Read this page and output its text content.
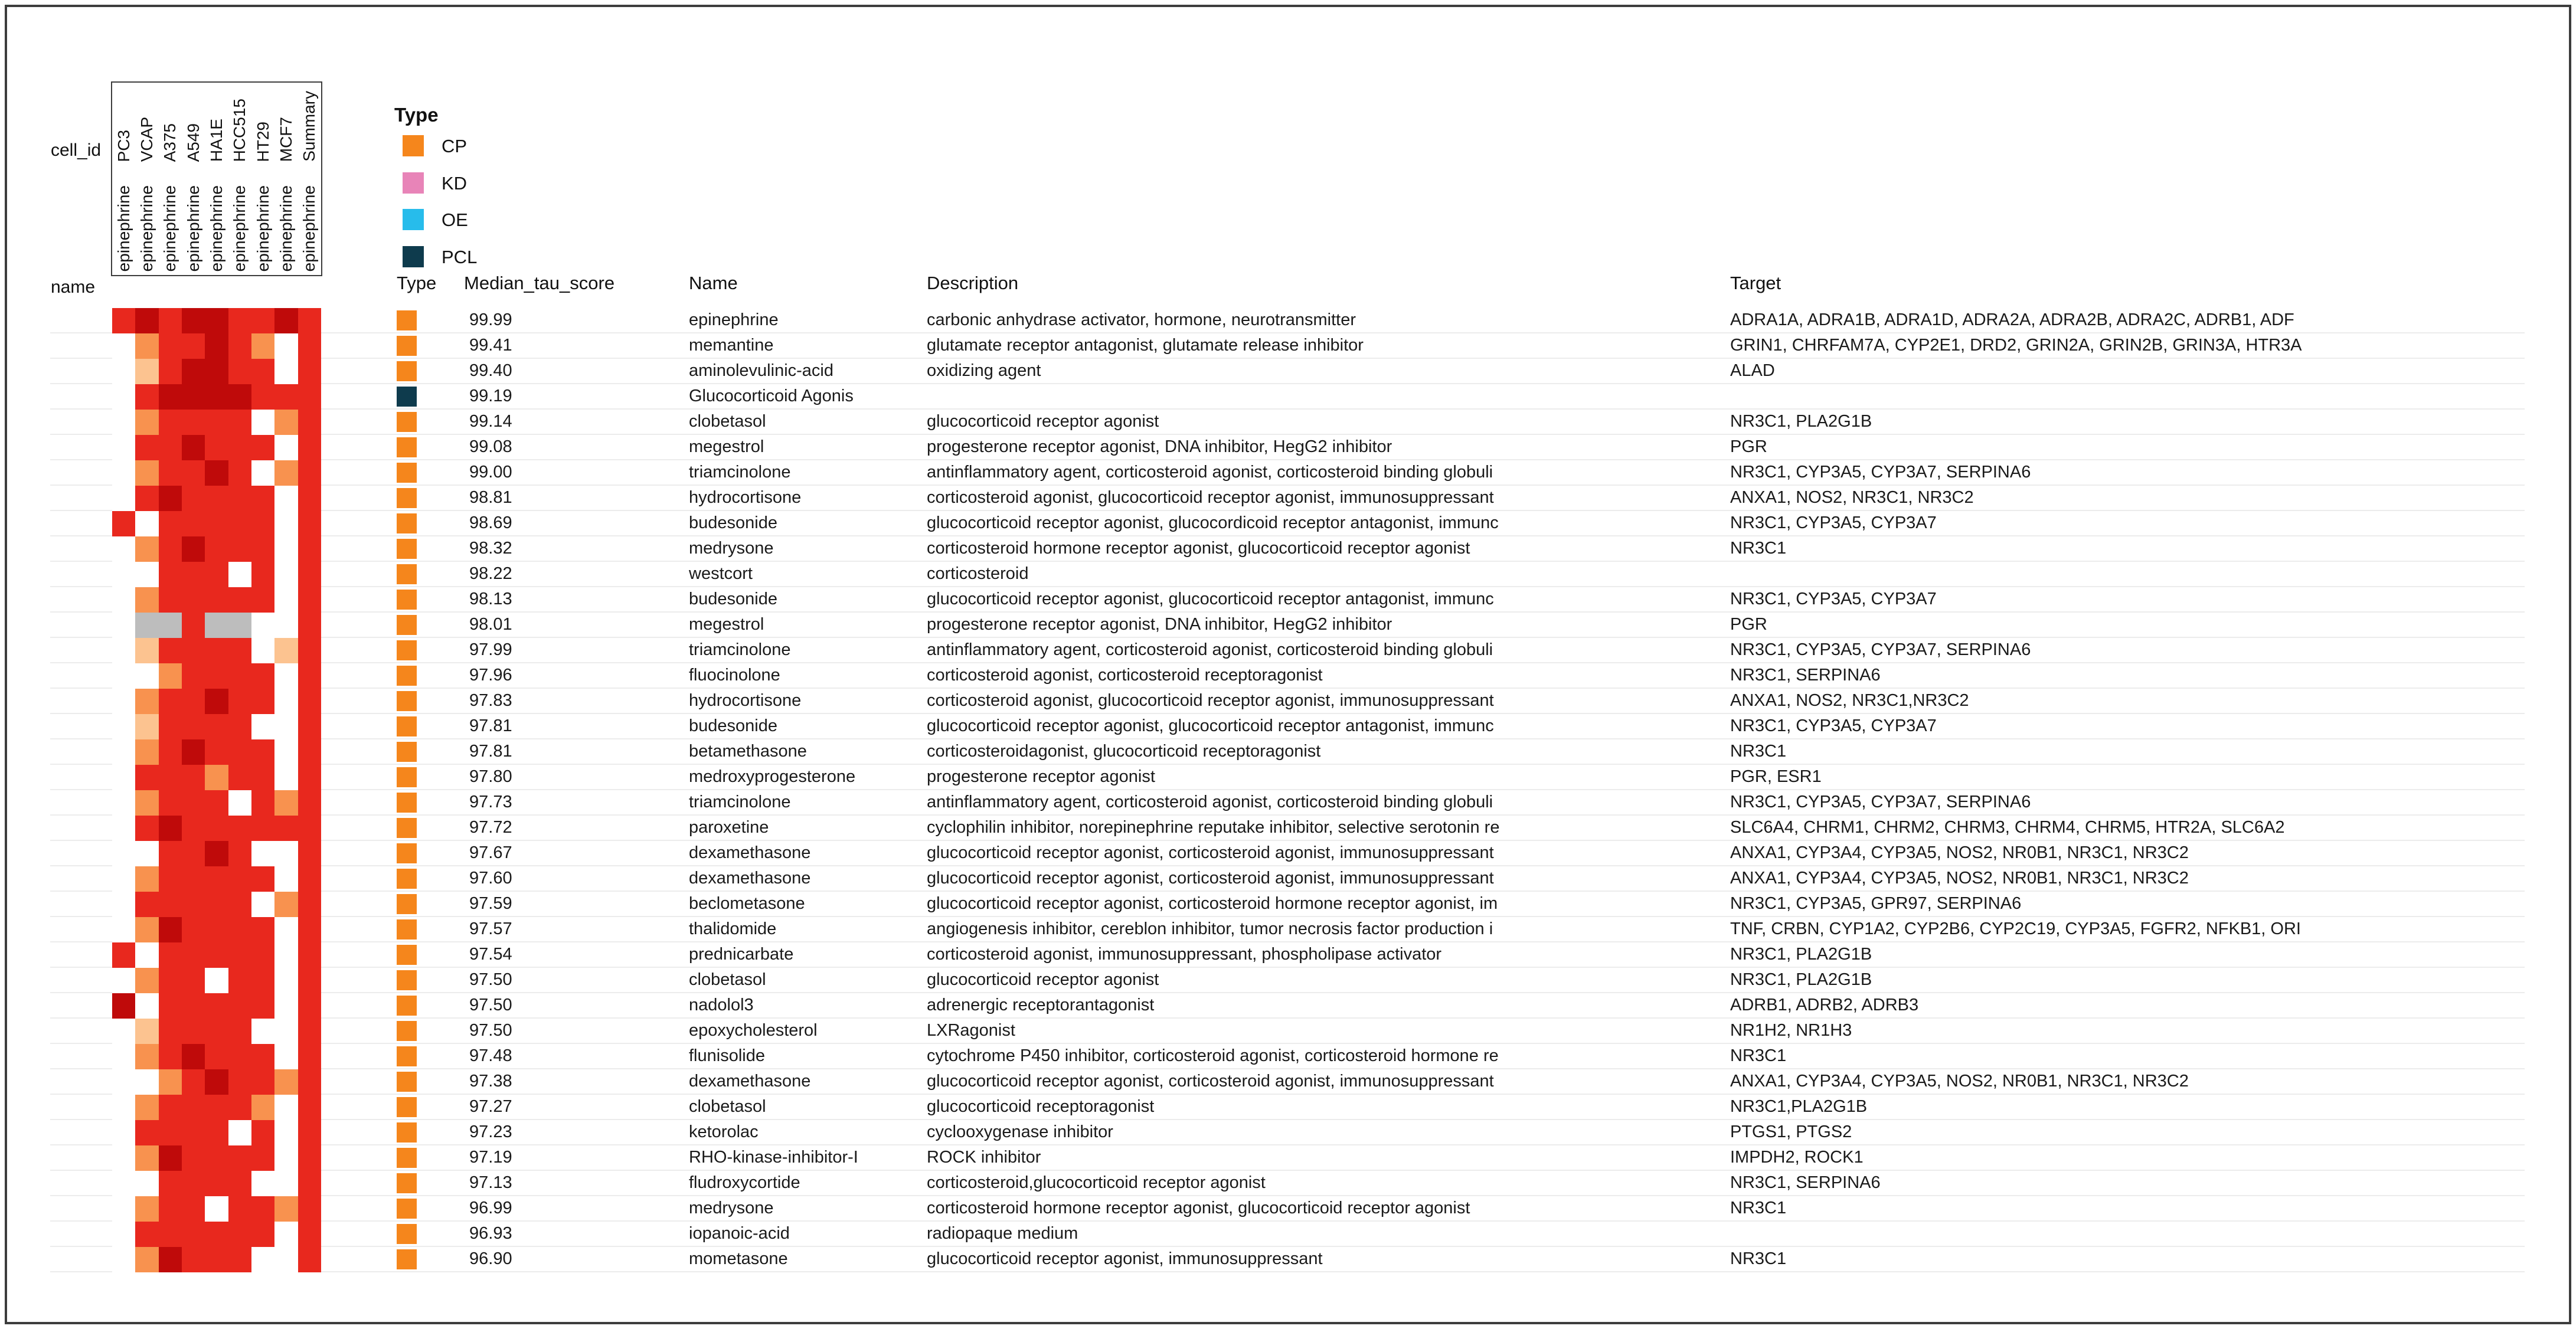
cell_id
name
PC3 VCAP A375 A549 HA1E HCC515 HT29 MCF7 Summary
epinephrine epinephrine epinephrine epinephrine epinephrine epinephrine epinephrine epinephrine epinephrine
Type
CP
KD
OE
PCL
Type Median_tau_score	Name	Description	Target
99.99	epinephrine	carbonic anhydrase activator, hormone, neurotransmitter	ADRA1A, ADRA1B, ADRA1D, ADRA2A, ADRA2B, ADRA2C, ADRB1, ADF
99.41	memantine	glutamate receptor antagonist, glutamate release inhibitor	GRIN1, CHRFAM7A, CYP2E1, DRD2, GRIN2A, GRIN2B, GRIN3A, HTR3A
99.40	aminolevulinic-acid	oxidizing agent	ALAD
99.19	Glucocorticoid Agonis
99.14	clobetasol	glucocorticoid receptor agonist	NR3C1, PLA2G1B
99.08	megestrol	progesterone receptor agonist, DNA inhibitor, HegG2 inhibitor	PGR
99.00	triamcinolone	antinflammatory agent, corticosteroid agonist, corticosteroid binding globuli	NR3C1, CYP3A5, CYP3A7, SERPINA6
98.81	hydrocortisone	corticosteroid agonist, glucocorticoid receptor agonist, immunosuppressant	ANXA1, NOS2, NR3C1, NR3C2
98.69	budesonide	glucocorticoid receptor agonist, glucocordicoid receptor antagonist, immunc	NR3C1, CYP3A5, CYP3A7
98.32	medrysone	corticosteroid hormone receptor agonist, glucocorticoid receptor agonist	NR3C1
98.22	westcort	corticosteroid
98.13	budesonide	glucocorticoid receptor agonist, glucocorticoid receptor antagonist, immunc	NR3C1, CYP3A5, CYP3A7
98.01	megestrol	progesterone receptor agonist, DNA inhibitor, HegG2 inhibitor	PGR
97.99	triamcinolone	antinflammatory agent, corticosteroid agonist, corticosteroid binding globuli	NR3C1, CYP3A5, CYP3A7, SERPINA6
97.96	fluocinolone	corticosteroid agonist, corticosteroid receptoragonist	NR3C1, SERPINA6
97.83	hydrocortisone	corticosteroid agonist, glucocorticoid receptor agonist, immunosuppressant	ANXA1, NOS2, NR3C1,NR3C2
97.81	budesonide	glucocorticoid receptor agonist, glucocorticoid receptor antagonist, immunc	NR3C1, CYP3A5, CYP3A7
97.81	betamethasone	corticosteroidagonist, glucocorticoid receptoragonist	NR3C1
97.80	medroxyprogesterone	progesterone receptor agonist	PGR, ESR1
97.73	triamcinolone	antinflammatory agent, corticosteroid agonist, corticosteroid binding globuli	NR3C1, CYP3A5, CYP3A7, SERPINA6
97.72	paroxetine	cyclophilin inhibitor, norepinephrine reputake inhibitor, selective serotonin re	SLC6A4, CHRM1, CHRM2, CHRM3, CHRM4, CHRM5, HTR2A, SLC6A2
97.67	dexamethasone	glucocorticoid receptor agonist, corticosteroid agonist, immunosuppressant	ANXA1, CYP3A4, CYP3A5, NOS2, NR0B1, NR3C1, NR3C2
97.60	dexamethasone	glucocorticoid receptor agonist, corticosteroid agonist, immunosuppressant	ANXA1, CYP3A4, CYP3A5, NOS2, NR0B1, NR3C1, NR3C2
97.59	beclometasone	glucocorticoid receptor agonist, corticosteroid hormone receptor agonist, im	NR3C1, CYP3A5, GPR97, SERPINA6
97.57	thalidomide	angiogenesis inhibitor, cereblon inhibitor, tumor necrosis factor production i	TNF, CRBN, CYP1A2, CYP2B6, CYP2C19, CYP3A5, FGFR2, NFKB1, ORI
97.54	prednicarbate	corticosteroid agonist, immunosuppressant, phospholipase activator	NR3C1, PLA2G1B
97.50	clobetasol	glucocorticoid receptor agonist	NR3C1, PLA2G1B
97.50	nadolol3	adrenergic receptorantagonist	ADRB1, ADRB2, ADRB3
97.50	epoxycholesterol	LXRagonist	NR1H2, NR1H3
97.48	flunisolide	cytochrome P450 inhibitor, corticosteroid agonist, corticosteroid hormone re	NR3C1
97.38	dexamethasone	glucocorticoid receptor agonist, corticosteroid agonist, immunosuppressant	ANXA1, CYP3A4, CYP3A5, NOS2, NR0B1, NR3C1, NR3C2
97.27	clobetasol	glucocorticoid receptoragonist	NR3C1,PLA2G1B
97.23	ketorolac	cyclooxygenase inhibitor	PTGS1, PTGS2
97.19	RHO-kinase-inhibitor-I	ROCK inhibitor	IMPDH2, ROCK1
97.13	fludroxycortide	corticosteroid,glucocorticoid receptor agonist	NR3C1, SERPINA6
96.99	medrysone	corticosteroid hormone receptor agonist, glucocorticoid receptor agonist	NR3C1
96.93	iopanoic-acid	radiopaque medium
96.90	mometasone	glucocorticoid receptor agonist, immunosuppressant	NR3C1
